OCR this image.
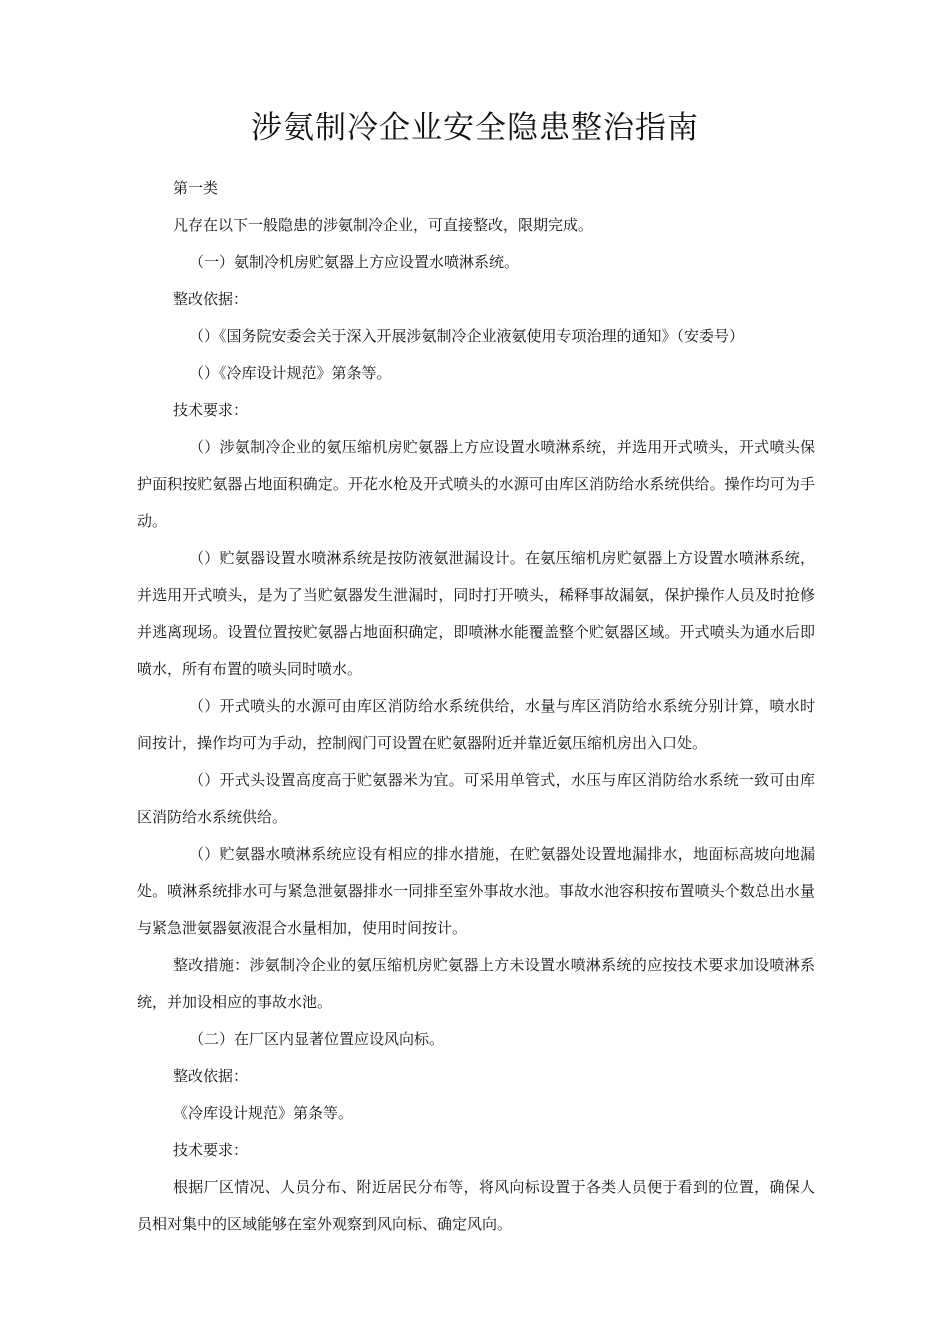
涉氨制冷企业安全隐患整治指南

第一类

凡存在以下一般隐患的涉氨制冷企业，可直接整改，限期完成。

（一）氨制冷机房贮氨器上方应设置水喷淋系统。

整改依据：

（）《国务院安委会关于深入开展涉氨制冷企业液氨使用专项治理的通知》（安委号）

（）《冷库设计规范》第条等。

技术要求：

（）涉氨制冷企业的氨压缩机房贮氨器上方应设置水喷淋系统，并选用开式喷头，开式喷头保护面积按贮氨器占地面积确定。开花水枪及开式喷头的水源可由库区消防给水系统供给。操作均可为手动。

（）贮氨器设置水喷淋系统是按防液氨泄漏设计。在氨压缩机房贮氨器上方设置水喷淋系统，并选用开式喷头，是为了当贮氨器发生泄漏时，同时打开喷头，稀释事故漏氨，保护操作人员及时抢修并逃离现场。设置位置按贮氨器占地面积确定，即喷淋水能覆盖整个贮氨器区域。开式喷头为通水后即喷水，所有布置的喷头同时喷水。

（）开式喷头的水源可由库区消防给水系统供给，水量与库区消防给水系统分别计算，喷水时间按计，操作均可为手动，控制阀门可设置在贮氨器附近并靠近氨压缩机房出入口处。

（）开式头设置高度高于贮氨器米为宜。可采用单管式，水压与库区消防给水系统一致可由库区消防给水系统供给。

（）贮氨器水喷淋系统应设有相应的排水措施，在贮氨器处设置地漏排水，地面标高坡向地漏处。喷淋系统排水可与紧急泄氨器排水一同排至室外事故水池。事故水池容积按布置喷头个数总出水量与紧急泄氨器氨液混合水量相加，使用时间按计。

整改措施：涉氨制冷企业的氨压缩机房贮氨器上方未设置水喷淋系统的应按技术要求加设喷淋系统，并加设相应的事故水池。

（二）在厂区内显著位置应设风向标。

整改依据：

《冷库设计规范》第条等。

技术要求：

根据厂区情况、人员分布、附近居民分布等，将风向标设置于各类人员便于看到的位置，确保人员相对集中的区域能够在室外观察到风向标、确定风向。
